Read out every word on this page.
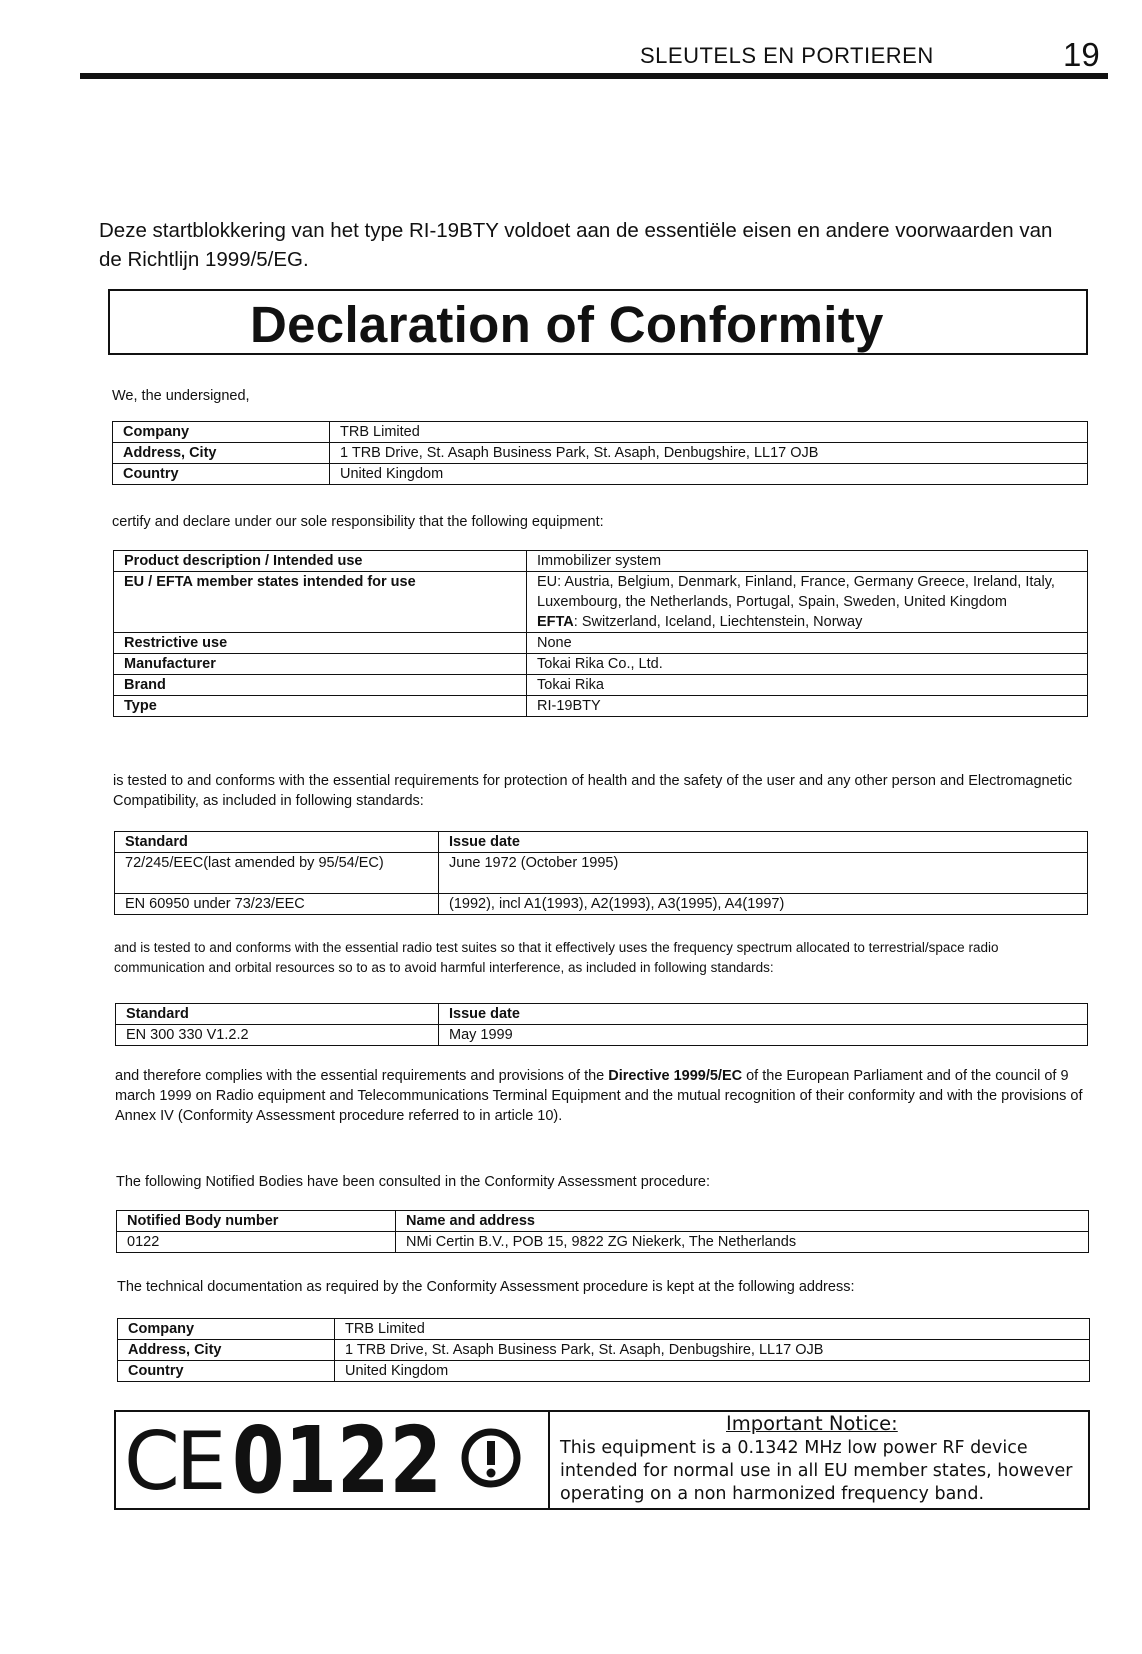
SLEUTELS EN PORTIEREN	19
Deze startblokkering van het type RI-19BTY voldoet aan de essentiële eisen en andere voorwaarden van de Richtlijn 1999/5/EG.
Declaration of Conformity
We, the undersigned,
Company	TRB Limited
Address, City	1 TRB Drive, St. Asaph Business Park, St. Asaph, Denbugshire, LL17 OJB
Country	United Kingdom
certify and declare under our sole responsibility that the following equipment:
Product description / Intended use	Immobilizer system
EU / EFTA member states intended for use	EU: Austria, Belgium, Denmark, Finland, France, Germany Greece, Ireland, Italy, Luxembourg, the Netherlands, Portugal, Spain, Sweden, United Kingdom
EFTA: Switzerland, Iceland, Liechtenstein, Norway

Restrictive use	None
Manufacturer	Tokai Rika Co., Ltd.
Brand	Tokai Rika
Type	RI-19BTY
is tested to and conforms with the essential requirements for protection of health and the safety of the user and any other person and Electromagnetic Compatibility, as included in following standards:
Standard	Issue date
72/245/EEC(last amended by 95/54/EC)	June 1972 (October 1995)
EN 60950 under 73/23/EEC	(1992), incl A1(1993), A2(1993), A3(1995), A4(1997)
and is tested to and conforms with the essential radio test suites so that it effectively uses the frequency spectrum allocated to terrestrial/space radio communication and orbital resources so to as to avoid harmful interference, as included in following standards:
Standard	Issue date
EN 300 330 V1.2.2	May 1999
and therefore complies with the essential requirements and provisions of the Directive 1999/5/EC of the European Parliament and of the council of 9 march 1999 on Radio equipment and Telecommunications Terminal Equipment and the mutual recognition of their conformity and with the provisions of Annex IV (Conformity Assessment procedure referred to in article 10).
The following Notified Bodies have been consulted in the Conformity Assessment procedure:
Notified Body number	Name and address
0122	NMi Certin B.V., POB 15, 9822 ZG Niekerk, The Netherlands
The technical documentation as required by the Conformity Assessment procedure is kept at the following address:
Company	TRB Limited
Address, City	1 TRB Drive, St. Asaph Business Park, St. Asaph, Denbugshire, LL17 OJB
Country	United Kingdom
CE 0122	Important Notice:
This equipment is a 0.1342 MHz low power RF device intended for normal use in all EU member states, however operating on a non harmonized frequency band.
